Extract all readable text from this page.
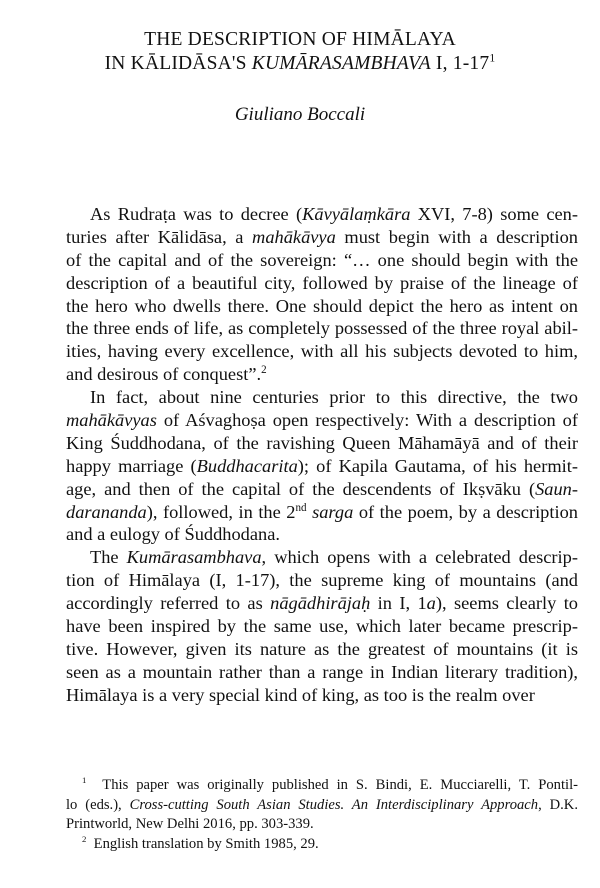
THE DESCRIPTION OF HIMĀLAYA
IN KĀLIDĀSA'S KUMĀRASAMBHAVA I, $1-17^1$
Giuliano Boccali
As Rudraṭa was to decree (Kāvyālaṃkāra XVI, 7-8) some cen-
turies after Kālidāsa, a mahākāvya must begin with a description
of the capital and of the sovereign: “… one should begin with the
description of a beautiful city, followed by praise of the lineage of
the hero who dwells there. One should depict the hero as intent on
the three ends of life, as completely possessed of the three royal abil-
ities, having every excellence, with all his subjects devoted to him,
and desirous of conquest”.$^2$
In fact, about nine centuries prior to this directive, the two
mahākāvyas of Aśvaghoṣa open respectively: With a description of
King Śuddhodana, of the ravishing Queen Māhamāyā and of their
happy marriage (Buddhacarita); of Kapila Gautama, of his hermit-
age, and then of the capital of the descendents of Ikṣvāku (Saun-
daranandа), followed, in the 2nd sarga of the poem, by a description
and a eulogy of Śuddhodana.
The Kumārasambhava, which opens with a celebrated descrip-
tion of Himālaya (I, 1-17), the supreme king of mountains (and
accordingly referred to as nāgādhirājaḥ in I, 1a), seems clearly to
have been inspired by the same use, which later became prescrip-
tive. However, given its nature as the greatest of mountains (it is
seen as a mountain rather than a range in Indian literary tradition),
Himālaya is a very special kind of king, as too is the realm over
$^1$ This paper was originally published in S. Bindi, E. Mucciarelli, T. Pontil-
lo (eds.), Cross-cutting South Asian Studies. An Interdisciplinary Approach, D.K.
Printworld, New Delhi 2016, pp. 303-339.
$^2$ English translation by Smith 1985, 29.
